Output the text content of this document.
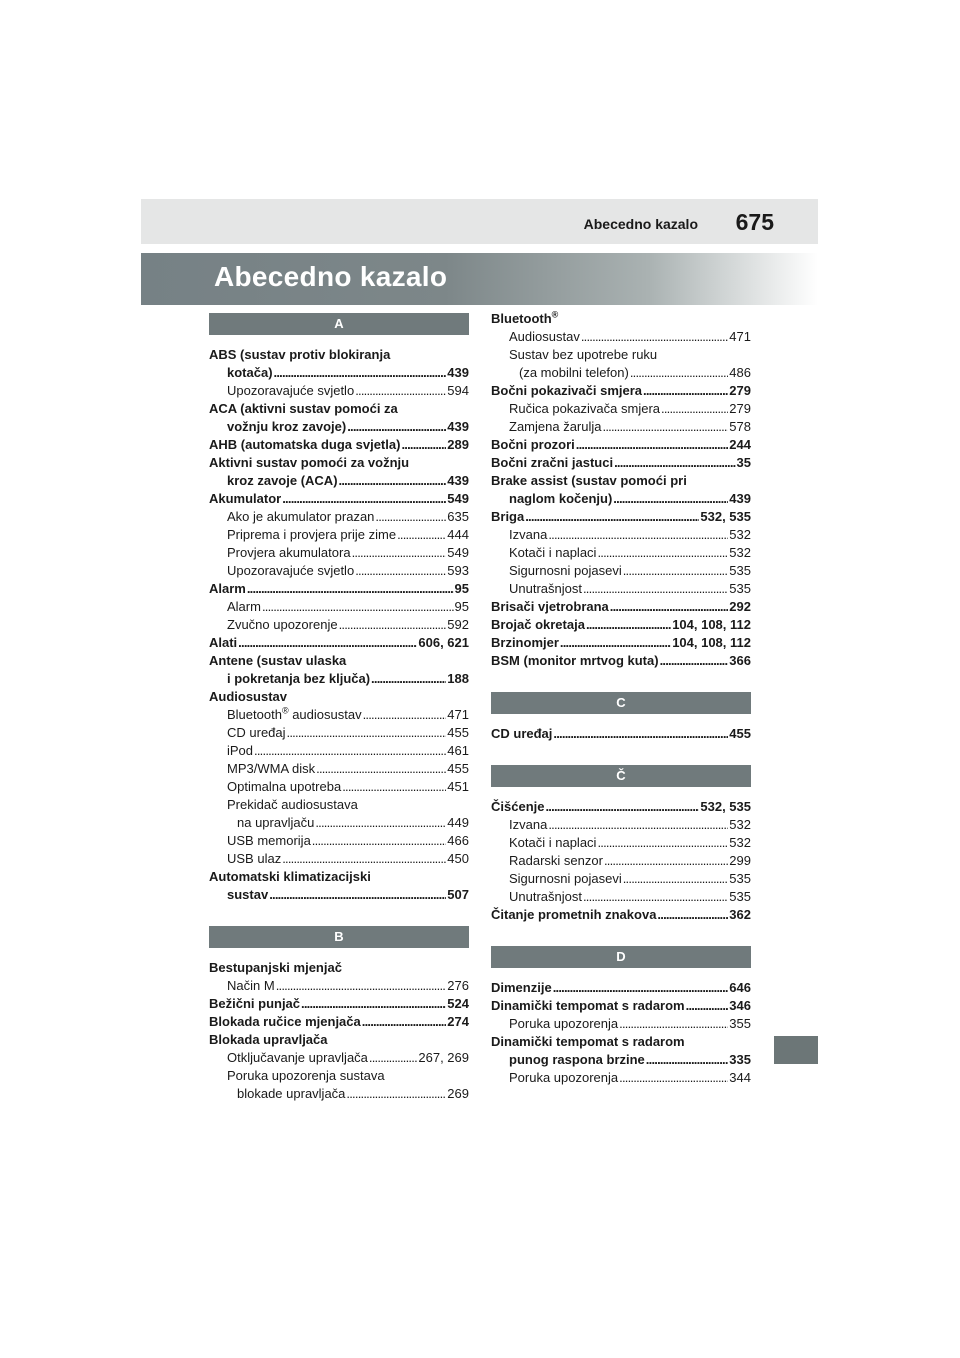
Abecedno kazalo 675
Abecedno kazalo
A
ABS (sustav protiv blokiranja
kotača) . . .	439
Upozoravajuće svjetlo . . .	594
ACA (aktivni sustav pomoći za
vožnju kroz zavoje) . . .	439
AHB (automatska duga svjetla) . . .	289
Aktivni sustav pomoći za vožnju
kroz zavoje (ACA) . . .	439
Akumulator . . .	549
Ako je akumulator prazan . . .	635
Priprema i provjera prije zime . . .	444
Provjera akumulatora . . .	549
Upozoravajuće svjetlo . . .	593
Alarm . . .	95
Alarm . . .	95
Zvučno upozorenje . . .	592
Alati . . .	606, 621
Antene (sustav ulaska
i pokretanja bez ključa) . . .	188
Audiosustav
Bluetooth® audiosustav . . .	471
CD uređaj . . .	455
iPod . . .	461
MP3/WMA disk . . .	455
Optimalna upotreba . . .	451
Prekidač audiosustava
na upravljaču . . .	449
USB memorija . . .	466
USB ulaz . . .	450
Automatski klimatizacijski
sustav . . .	507
B
Bestupanjski mjenjač
Način M . . .	276
Bežični punjač . . .	524
Blokada ručice mjenjača . . .	274
Blokada upravljača
Otključavanje upravljača . . .	267, 269
Poruka upozorenja sustava
blokade upravljača . . .	269
Bluetooth®
Audiosustav . . .	471
Sustav bez upotrebe ruku
(za mobilni telefon) . . .	486
Bočni pokazivači smjera . . .	279
Ručica pokazivača smjera . . .	279
Zamjena žarulja . . .	578
Bočni prozori . . .	244
Bočni zračni jastuci . . .	35
Brake assist (sustav pomoći pri
naglom kočenju) . . .	439
Briga . . .	532, 535
Izvana . . .	532
Kotači i naplaci . . .	532
Sigurnosni pojasevi . . .	535
Unutrašnjost . . .	535
Brisači vjetrobrana . . .	292
Brojač okretaja . . .	104, 108, 112
Brzinomjer . . .	104, 108, 112
BSM (monitor mrtvog kuta) . . .	366
C
CD uređaj . . .	455
Č
Čišćenje . . .	532, 535
Izvana . . .	532
Kotači i naplaci . . .	532
Radarski senzor . . .	299
Sigurnosni pojasevi . . .	535
Unutrašnjost . . .	535
Čitanje prometnih znakova . . .	362
D
Dimenzije . . .	646
Dinamički tempomat s radarom . . .	346
Poruka upozorenja . . .	355
Dinamički tempomat s radarom
punog raspona brzine . . .	335
Poruka upozorenja . . .	344
